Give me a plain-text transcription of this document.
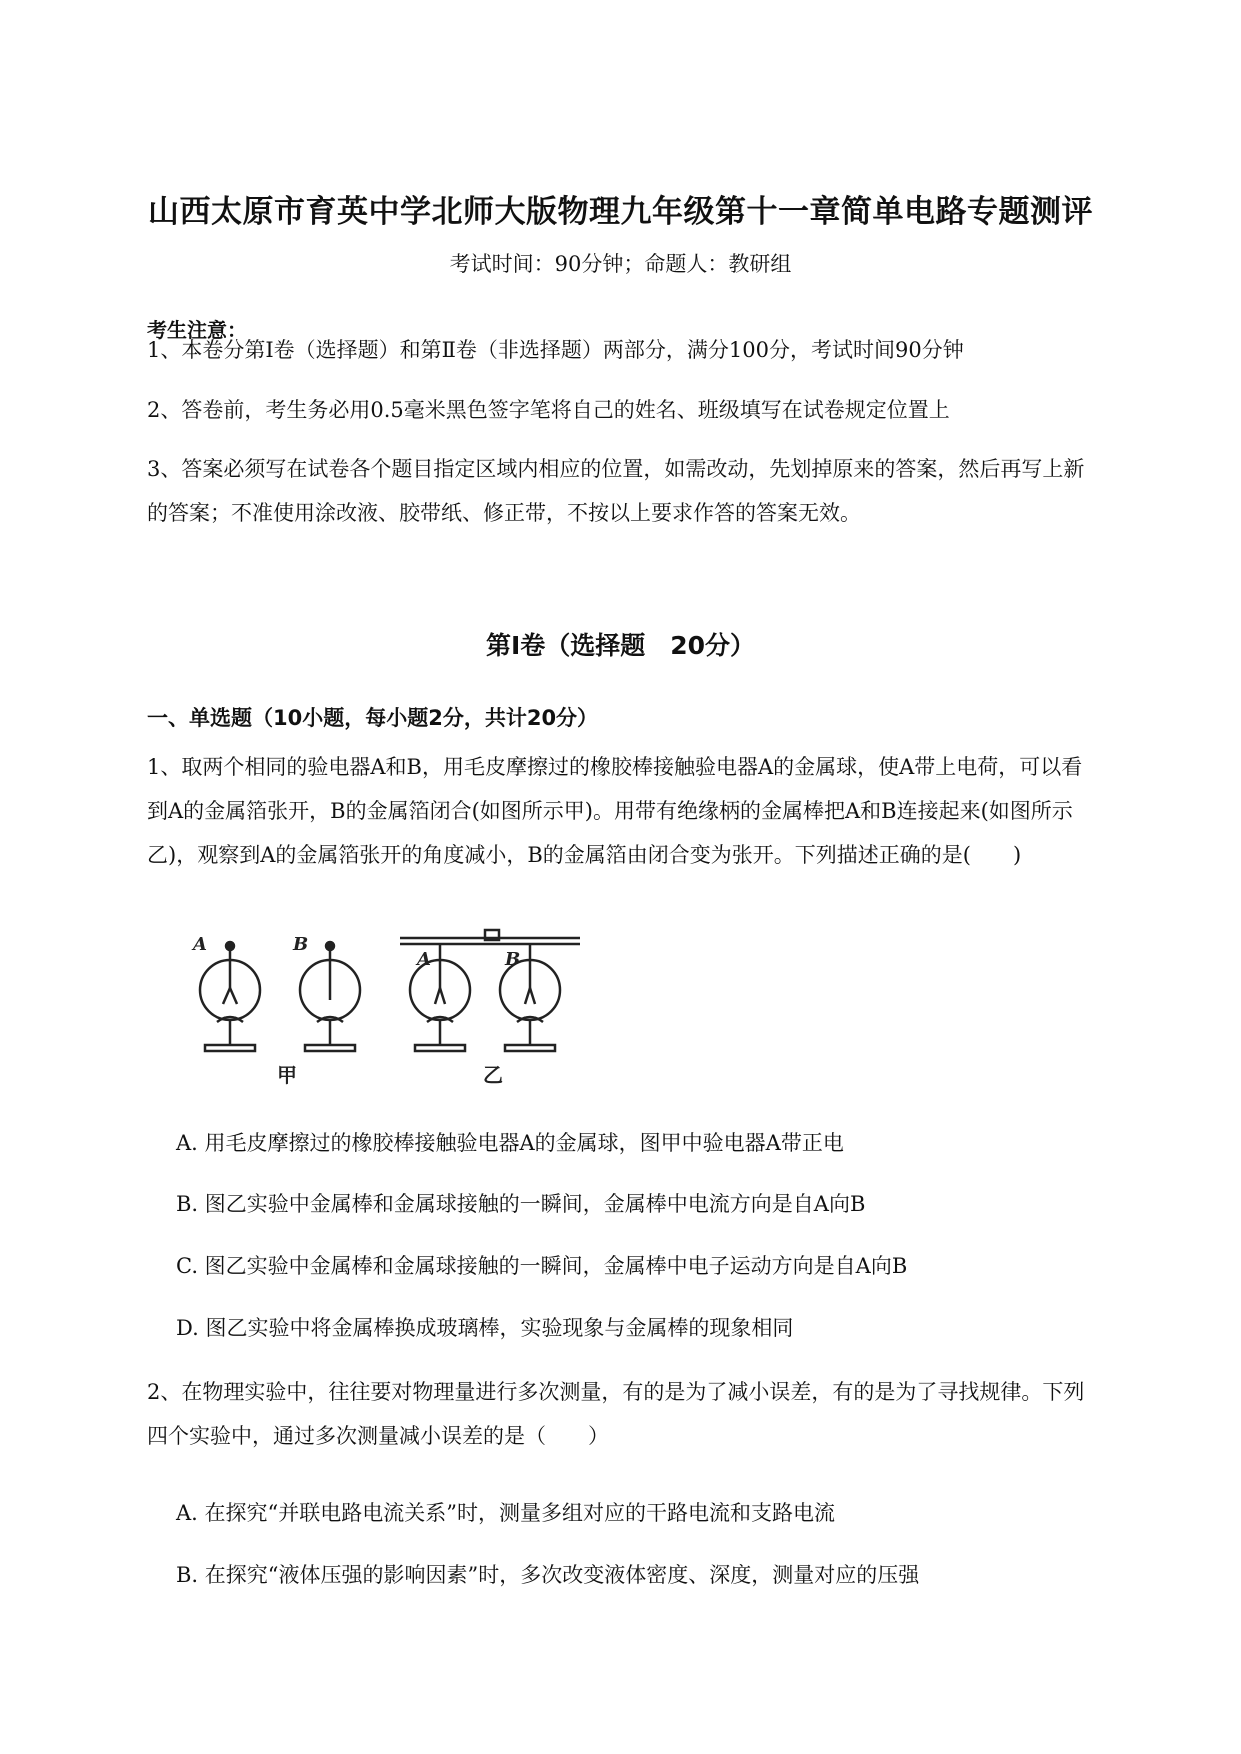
山西太原市育英中学北师大版物理九年级第十一章简单电路专题测评
考试时间：90分钟；命题人：教研组
考生注意：
1、本卷分第Ⅰ卷（选择题）和第Ⅱ卷（非选择题）两部分，满分100分，考试时间90分钟
2、答卷前，考生务必用0.5毫米黑色签字笔将自己的姓名、班级填写在试卷规定位置上
3、答案必须写在试卷各个题目指定区域内相应的位置，如需改动，先划掉原来的答案，然后再写上新的答案；不准使用涂改液、胶带纸、修正带，不按以上要求作答的答案无效。
第Ⅰ卷（选择题　20分）
一、单选题（10小题，每小题2分，共计20分）
1、取两个相同的验电器A和B，用毛皮摩擦过的橡胶棒接触验电器A的金属球，使A带上电荷，可以看到A的金属箔张开，B的金属箔闭合(如图所示甲)。用带有绝缘柄的金属棒把A和B连接起来(如图所示乙)，观察到A的金属箔张开的角度减小，B的金属箔由闭合变为张开。下列描述正确的是(　　)
A	B
A	B
甲	乙
A. 用毛皮摩擦过的橡胶棒接触验电器A的金属球，图甲中验电器A带正电
B. 图乙实验中金属棒和金属球接触的一瞬间，金属棒中电流方向是自A向B
C. 图乙实验中金属棒和金属球接触的一瞬间，金属棒中电子运动方向是自A向B
D. 图乙实验中将金属棒换成玻璃棒，实验现象与金属棒的现象相同
2、在物理实验中，往往要对物理量进行多次测量，有的是为了减小误差，有的是为了寻找规律。下列四个实验中，通过多次测量减小误差的是（　　）
A. 在探究“并联电路电流关系”时，测量多组对应的干路电流和支路电流
B. 在探究“液体压强的影响因素”时，多次改变液体密度、深度，测量对应的压强
